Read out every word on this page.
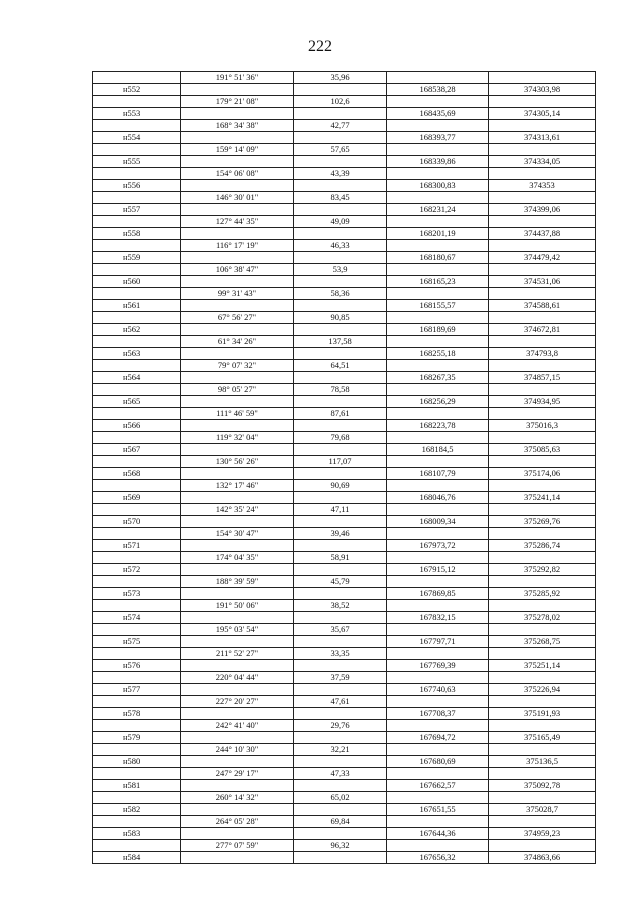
222
	191° 51' 36"	35,96		
н552			168538,28	374303,98
	179° 21' 08"	102,6		
н553			168435,69	374305,14
	168° 34' 38"	42,77		
н554			168393,77	374313,61
	159° 14' 09"	57,65		
н555			168339,86	374334,05
	154° 06' 08"	43,39		
н556			168300,83	374353
	146° 30' 01"	83,45		
н557			168231,24	374399,06
	127° 44' 35"	49,09		
н558			168201,19	374437,88
	116° 17' 19"	46,33		
н559			168180,67	374479,42
	106° 38' 47"	53,9		
н560			168165,23	374531,06
	99° 31' 43"	58,36		
н561			168155,57	374588,61
	67° 56' 27"	90,85		
н562			168189,69	374672,81
	61° 34' 26"	137,58		
н563			168255,18	374793,8
	79° 07' 32"	64,51		
н564			168267,35	374857,15
	98° 05' 27"	78,58		
н565			168256,29	374934,95
	111° 46' 59"	87,61		
н566			168223,78	375016,3
	119° 32' 04"	79,68		
н567			168184,5	375085,63
	130° 56' 26"	117,07		
н568			168107,79	375174,06
	132° 17' 46"	90,69		
н569			168046,76	375241,14
	142° 35' 24"	47,11		
н570			168009,34	375269,76
	154° 30' 47"	39,46		
н571			167973,72	375286,74
	174° 04' 35"	58,91		
н572			167915,12	375292,82
	188° 39' 59"	45,79		
н573			167869,85	375285,92
	191° 50' 06"	38,52		
н574			167832,15	375278,02
	195° 03' 54"	35,67		
н575			167797,71	375268,75
	211° 52' 27"	33,35		
н576			167769,39	375251,14
	220° 04' 44"	37,59		
н577			167740,63	375226,94
	227° 20' 27"	47,61		
н578			167708,37	375191,93
	242° 41' 40"	29,76		
н579			167694,72	375165,49
	244° 10' 30"	32,21		
н580			167680,69	375136,5
	247° 29' 17"	47,33		
н581			167662,57	375092,78
	260° 14' 32"	65,02		
н582			167651,55	375028,7
	264° 05' 28"	69,84		
н583			167644,36	374959,23
	277° 07' 59"	96,32		
н584			167656,32	374863,66
